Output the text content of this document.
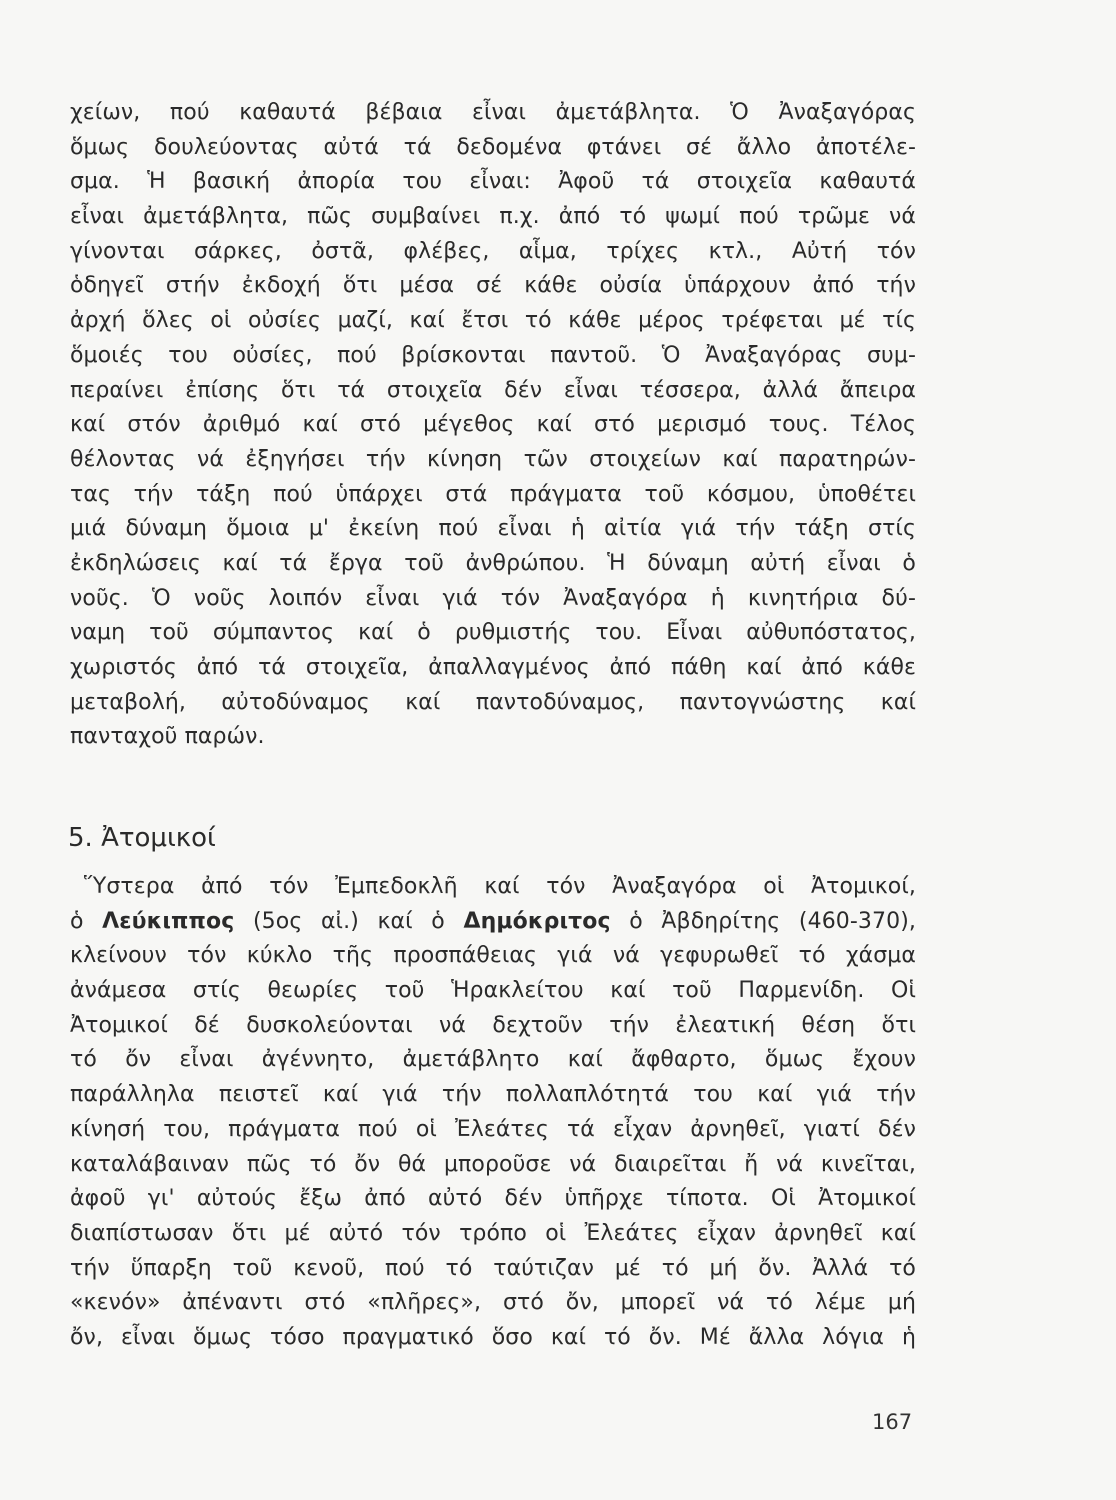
χείων, πού καθαυτά βέβαια εἶναι ἀμετάβλητα. Ὁ Ἀναξαγόρας
ὅμως δουλεύοντας αὐτά τά δεδομένα φτάνει σέ ἄλλο ἀποτέλε-
σμα. Ἡ βασική ἀπορία του εἶναι: Ἀφοῦ τά στοιχεῖα καθαυτά
εἶναι ἀμετάβλητα, πῶς συμβαίνει π.χ. ἀπό τό ψωμί πού τρῶμε νά
γίνονται σάρκες, ὀστᾶ, φλέβες, αἷμα, τρίχες κτλ., Αὐτή τόν
ὁδηγεῖ στήν ἐκδοχή ὅτι μέσα σέ κάθε οὐσία ὑπάρχουν ἀπό τήν
ἀρχή ὅλες οἱ οὐσίες μαζί, καί ἔτσι τό κάθε μέρος τρέφεται μέ τίς
ὅμοιές του οὐσίες, πού βρίσκονται παντοῦ. Ὁ Ἀναξαγόρας συμ-
περαίνει ἐπίσης ὅτι τά στοιχεῖα δέν εἶναι τέσσερα, ἀλλά ἄπειρα
καί στόν ἀριθμό καί στό μέγεθος καί στό μερισμό τους. Τέλος
θέλοντας νά ἐξηγήσει τήν κίνηση τῶν στοιχείων καί παρατηρών-
τας τήν τάξη πού ὑπάρχει στά πράγματα τοῦ κόσμου, ὑποθέτει
μιά δύναμη ὅμοια μ' ἐκείνη πού εἶναι ἡ αἰτία γιά τήν τάξη στίς
ἐκδηλώσεις καί τά ἔργα τοῦ ἀνθρώπου. Ἡ δύναμη αὐτή εἶναι ὁ
νοῦς. Ὁ νοῦς λοιπόν εἶναι γιά τόν Ἀναξαγόρα ἡ κινητήρια δύ-
ναμη τοῦ σύμπαντος καί ὁ ρυθμιστής του. Εἶναι αὐθυπόστατος,
χωριστός ἀπό τά στοιχεῖα, ἀπαλλαγμένος ἀπό πάθη καί ἀπό κάθε
μεταβολή, αὐτοδύναμος καί παντοδύναμος, παντογνώστης καί
πανταχοῦ παρών.
5. Ἀτομικοί
Ὕστερα ἀπό τόν Ἐμπεδοκλῆ καί τόν Ἀναξαγόρα οἱ Ἀτομικοί,
ὁ Λεύκιππος (5ος αἰ.) καί ὁ Δημόκριτος ὁ Ἀβδηρίτης (460-370),
κλείνουν τόν κύκλο τῆς προσπάθειας γιά νά γεφυρωθεῖ τό χάσμα
ἀνάμεσα στίς θεωρίες τοῦ Ἡρακλείτου καί τοῦ Παρμενίδη. Οἱ
Ἀτομικοί δέ δυσκολεύονται νά δεχτοῦν τήν ἐλεατική θέση ὅτι
τό ὄν εἶναι ἀγέννητο, ἀμετάβλητο καί ἄφθαρτο, ὅμως ἔχουν
παράλληλα πειστεῖ καί γιά τήν πολλαπλότητά του καί γιά τήν
κίνησή του, πράγματα πού οἱ Ἐλεάτες τά εἶχαν ἀρνηθεῖ, γιατί δέν
καταλάβαιναν πῶς τό ὄν θά μποροῦσε νά διαιρεῖται ἤ νά κινεῖται,
ἀφοῦ γι' αὐτούς ἔξω ἀπό αὐτό δέν ὑπῆρχε τίποτα. Οἱ Ἀτομικοί
διαπίστωσαν ὅτι μέ αὐτό τόν τρόπο οἱ Ἐλεάτες εἶχαν ἀρνηθεῖ καί
τήν ὕπαρξη τοῦ κενοῦ, πού τό ταύτιζαν μέ τό μή ὄν. Ἀλλά τό
«κενόν» ἀπέναντι στό «πλῆρες», στό ὄν, μπορεῖ νά τό λέμε μή
ὄν, εἶναι ὅμως τόσο πραγματικό ὅσο καί τό ὄν. Μέ ἄλλα λόγια ἡ
167
